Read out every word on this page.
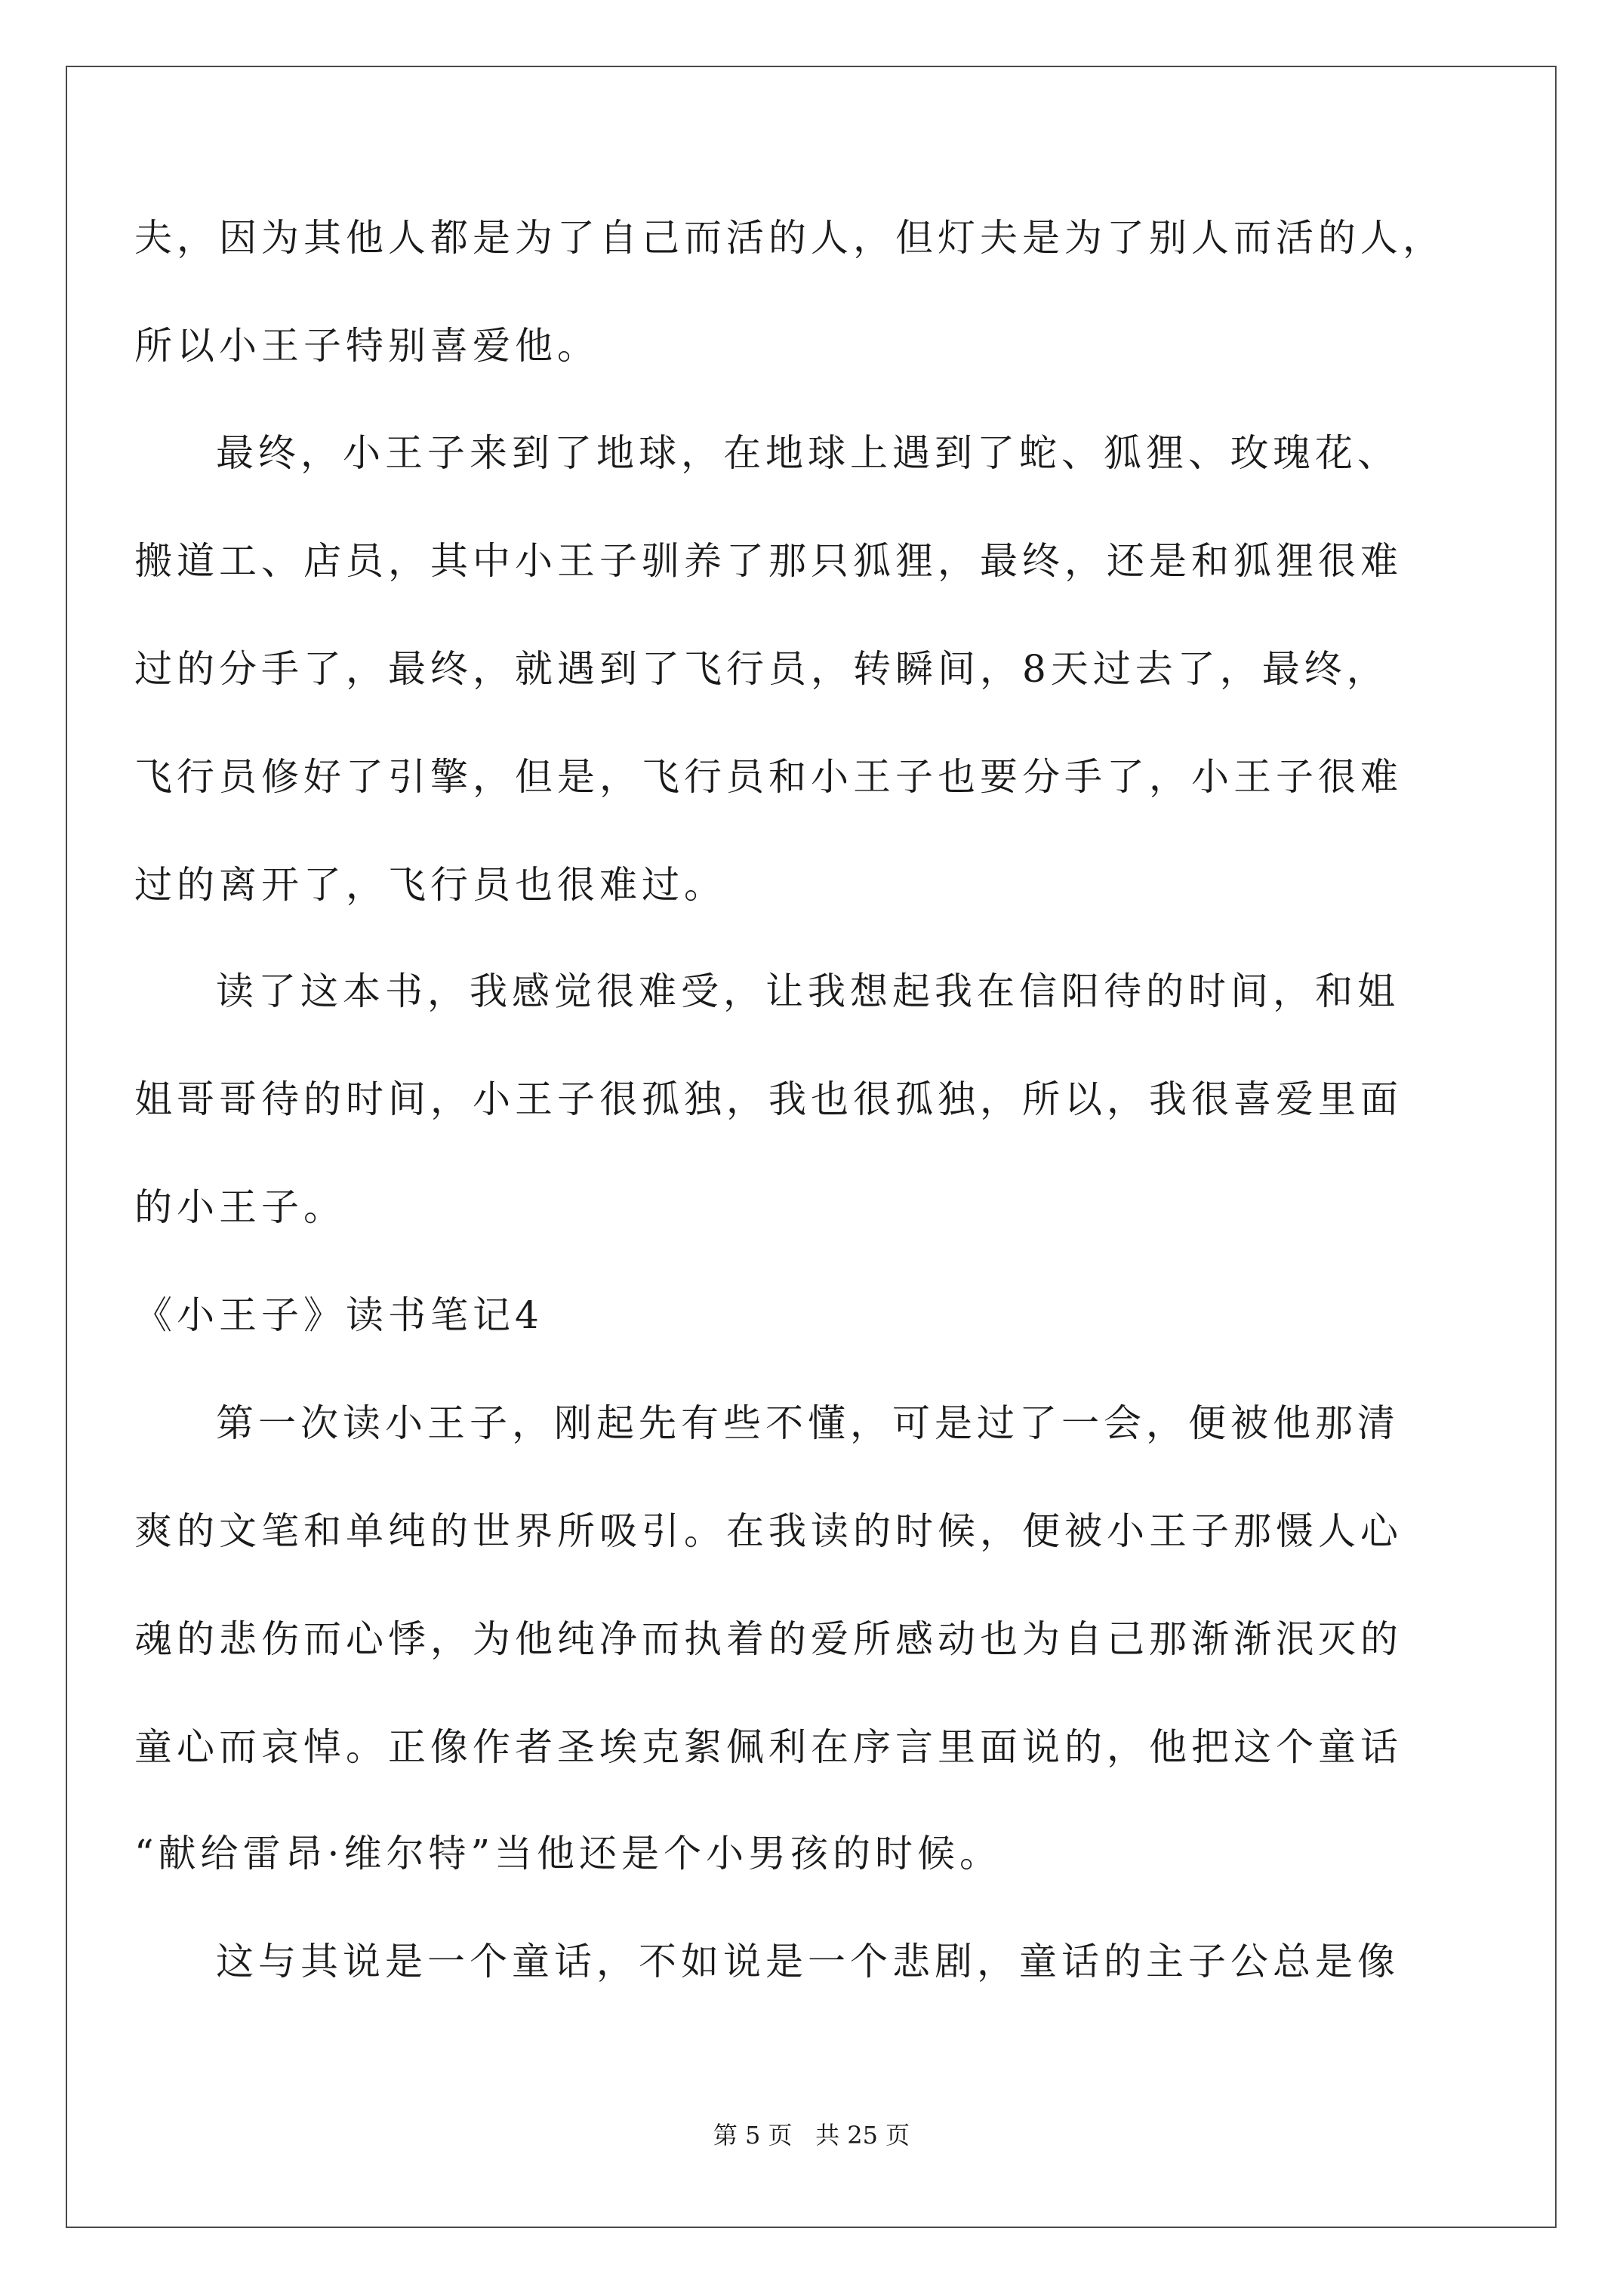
夫，因为其他人都是为了自己而活的人，但灯夫是为了别人而活的人，
所以小王子特别喜爱他。
最终，小王子来到了地球，在地球上遇到了蛇、狐狸、玫瑰花、
搬道工、店员，其中小王子驯养了那只狐狸，最终，还是和狐狸很难
过的分手了，最终，就遇到了飞行员，转瞬间，8天过去了，最终，
飞行员修好了引擎，但是，飞行员和小王子也要分手了，小王子很难
过的离开了，飞行员也很难过。
读了这本书，我感觉很难受，让我想起我在信阳待的时间，和姐
姐哥哥待的时间，小王子很孤独，我也很孤独，所以，我很喜爱里面
的小王子。
《小王子》读书笔记4
第一次读小王子，刚起先有些不懂，可是过了一会，便被他那清
爽的文笔和单纯的世界所吸引。在我读的时候，便被小王子那慑人心
魂的悲伤而心悸，为他纯净而执着的爱所感动也为自己那渐渐泯灭的
童心而哀悼。正像作者圣埃克絮佩利在序言里面说的，他把这个童话
“献给雷昂·维尔特”当他还是个小男孩的时候。
这与其说是一个童话，不如说是一个悲剧，童话的主子公总是像
第 5 页   共 25 页
